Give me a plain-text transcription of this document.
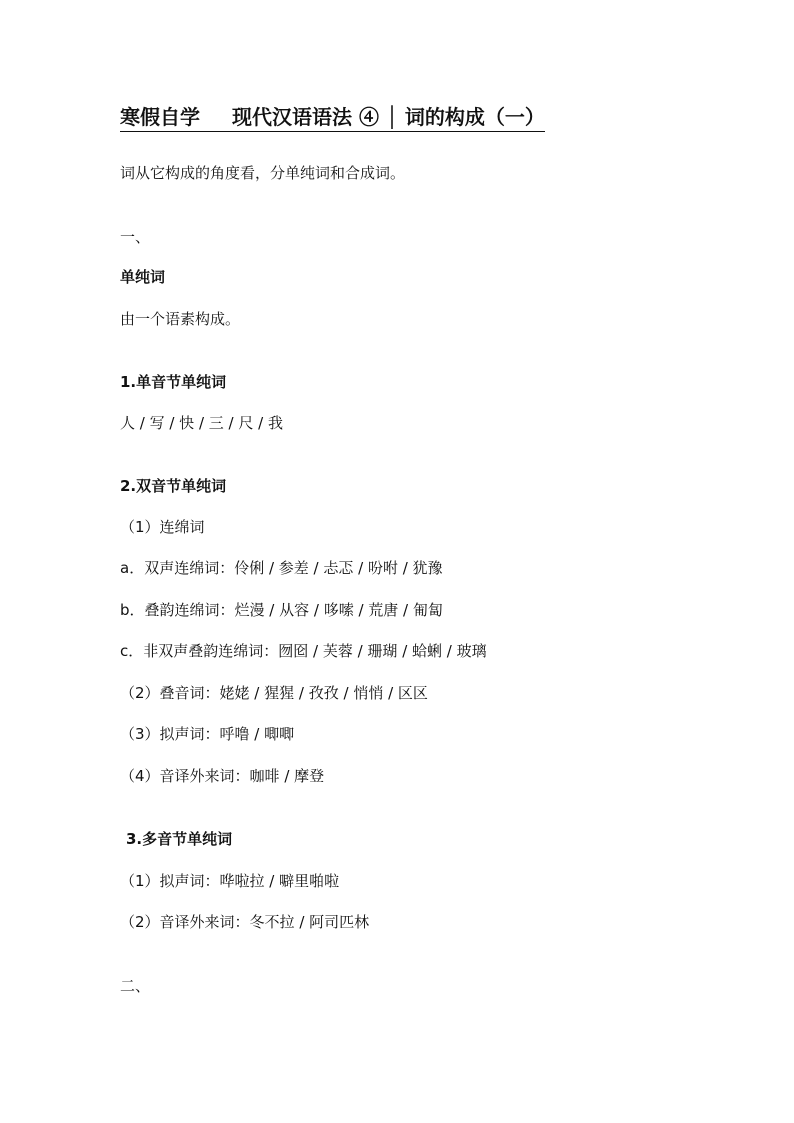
寒假自学 现代汉语语法 ④ │ 词的构成（一）
词从它构成的角度看，分单纯词和合成词。
一、
单纯词
由一个语素构成。
1.单音节单纯词
人 / 写 / 快 / 三 / 尺 / 我
2.双音节单纯词
（1）连绵词
a．双声连绵词：伶俐 / 参差 / 忐忑 / 吩咐 / 犹豫
b．叠韵连绵词：烂漫 / 从容 / 哆嗦 / 荒唐 / 匍匐
c．非双声叠韵连绵词：囫囵 / 芙蓉 / 珊瑚 / 蛤蜊 / 玻璃
（2）叠音词：姥姥 / 猩猩 / 孜孜 / 悄悄 / 区区
（3）拟声词：呼噜 / 唧唧
（4）音译外来词：咖啡 / 摩登
3.多音节单纯词
（1）拟声词：哗啦拉 / 噼里啪啦
（2）音译外来词：冬不拉 / 阿司匹林
二、
